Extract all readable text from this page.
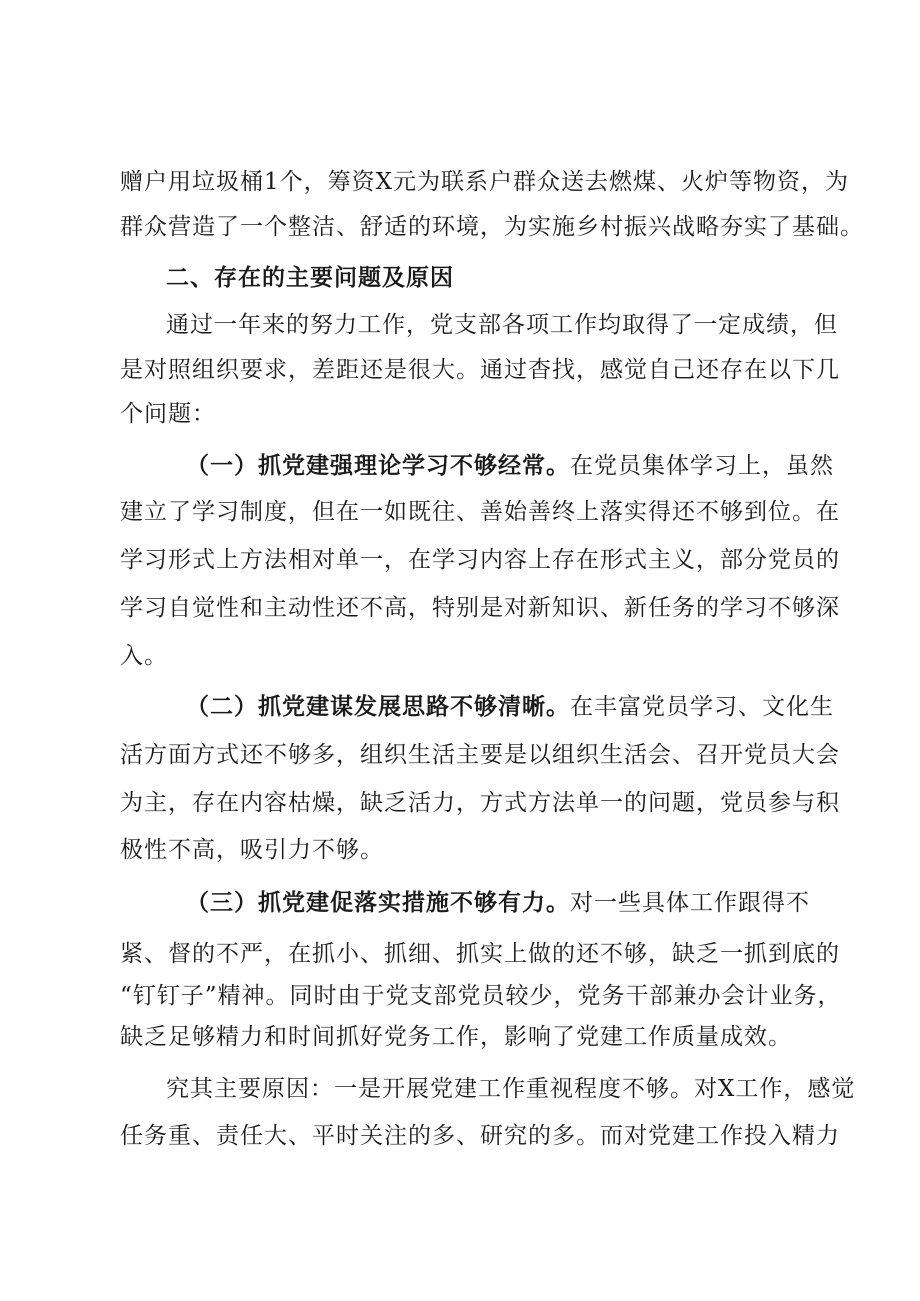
赠户用垃圾桶1个，筹资X元为联系户群众送去燃煤、火炉等物资，为
群众营造了一个整洁、舒适的环境，为实施乡村振兴战略夯实了基础。
二、存在的主要问题及原因
通过一年来的努力工作，党支部各项工作均取得了一定成绩，但
是对照组织要求，差距还是很大。通过杳找，感觉自己还存在以下几
个问题：
（一）抓党建强理论学习不够经常。在党员集体学习上，虽然
建立了学习制度，但在一如既往、善始善终上落实得还不够到位。在
学习形式上方法相对单一，在学习内容上存在形式主义，部分党员的
学习自觉性和主动性还不高，特别是对新知识、新任务的学习不够深
入。
（二）抓党建谋发展思路不够清晰。在丰富党员学习、文化生
活方面方式还不够多，组织生活主要是以组织生活会、召开党员大会
为主，存在内容枯燥，缺乏活力，方式方法单一的问题，党员参与积
极性不高，吸引力不够。
（三）抓党建促落实措施不够有力。对一些具体工作跟得不
紧、督的不严，在抓小、抓细、抓实上做的还不够，缺乏一抓到底的
“钉钉子”精神。同时由于党支部党员较少，党务干部兼办会计业务，
缺乏足够精力和时间抓好党务工作，影响了党建工作质量成效。
究其主要原因：一是开展党建工作重视程度不够。对X工作，感觉
任务重、责任大、平时关注的多、研究的多。而对党建工作投入精力
